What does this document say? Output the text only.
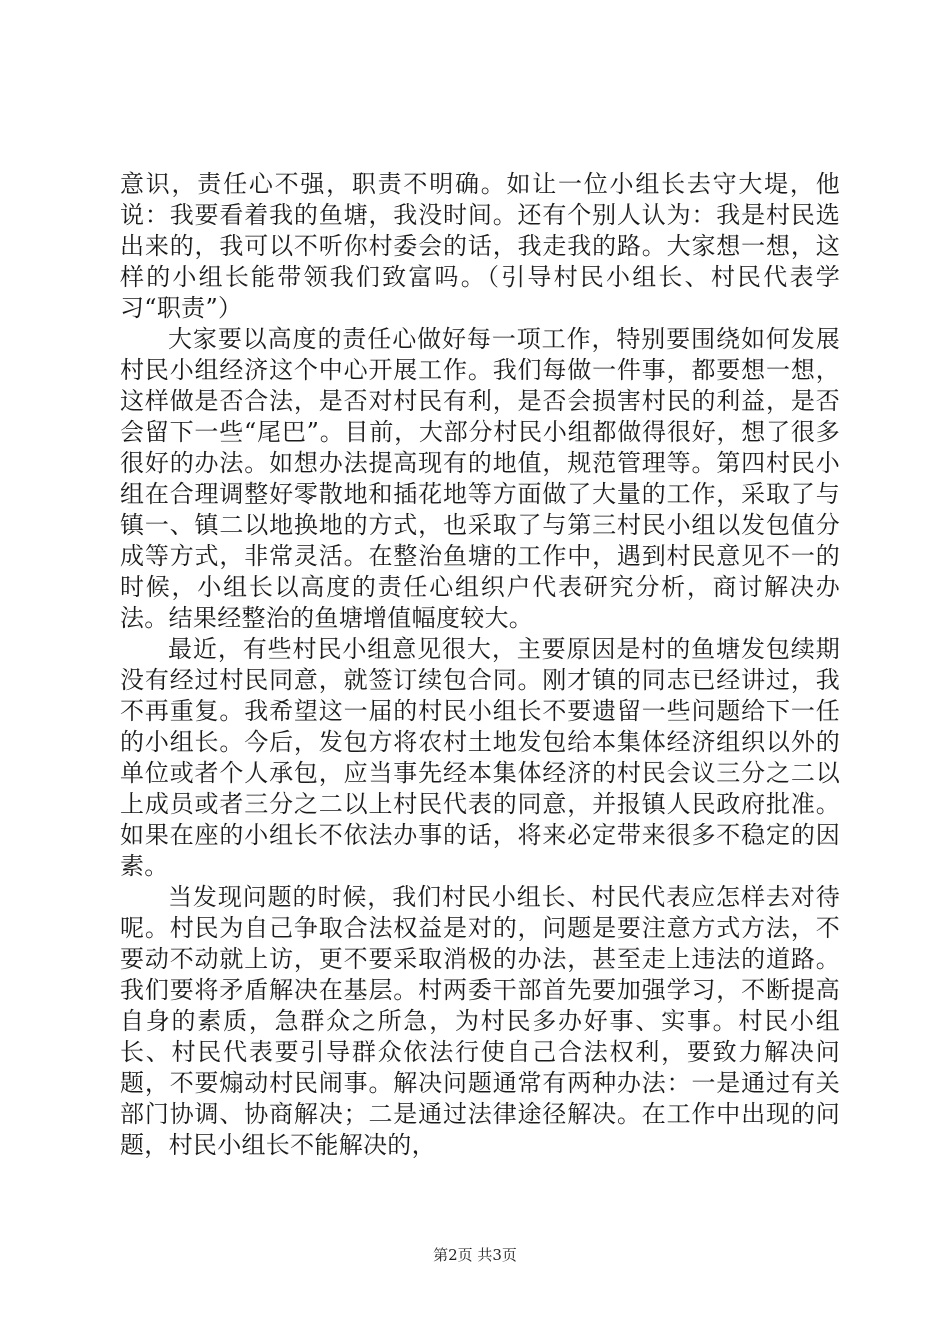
意识，责任心不强，职责不明确。如让一位小组长去守大堤，他说：我要看着我的鱼塘，我没时间。还有个别人认为：我是村民选出来的，我可以不听你村委会的话，我走我的路。大家想一想，这样的小组长能带领我们致富吗。（引导村民小组长、村民代表学习“职责”）

大家要以高度的责任心做好每一项工作，特别要围绕如何发展村民小组经济这个中心开展工作。我们每做一件事，都要想一想，这样做是否合法，是否对村民有利，是否会损害村民的利益，是否会留下一些“尾巴”。目前，大部分村民小组都做得很好，想了很多很好的办法。如想办法提高现有的地值，规范管理等。第四村民小组在合理调整好零散地和插花地等方面做了大量的工作，采取了与镇一、镇二以地换地的方式，也采取了与第三村民小组以发包值分成等方式，非常灵活。在整治鱼塘的工作中，遇到村民意见不一的时候，小组长以高度的责任心组织户代表研究分析，商讨解决办法。结果经整治的鱼塘增值幅度较大。

最近，有些村民小组意见很大，主要原因是村的鱼塘发包续期没有经过村民同意，就签订续包合同。刚才镇的同志已经讲过，我不再重复。我希望这一届的村民小组长不要遗留一些问题给下一任的小组长。今后，发包方将农村土地发包给本集体经济组织以外的单位或者个人承包，应当事先经本集体经济的村民会议三分之二以上成员或者三分之二以上村民代表的同意，并报镇人民政府批准。如果在座的小组长不依法办事的话，将来必定带来很多不稳定的因素。

当发现问题的时候，我们村民小组长、村民代表应怎样去对待呢。村民为自己争取合法权益是对的，问题是要注意方式方法，不要动不动就上访，更不要采取消极的办法，甚至走上违法的道路。我们要将矛盾解决在基层。村两委干部首先要加强学习，不断提高自身的素质，急群众之所急，为村民多办好事、实事。村民小组长、村民代表要引导群众依法行使自己合法权利，要致力解决问题，不要煽动村民闹事。解决问题通常有两种办法：一是通过有关部门协调、协商解决；二是通过法律途径解决。在工作中出现的问题，村民小组长不能解决的，

第2页 共3页
